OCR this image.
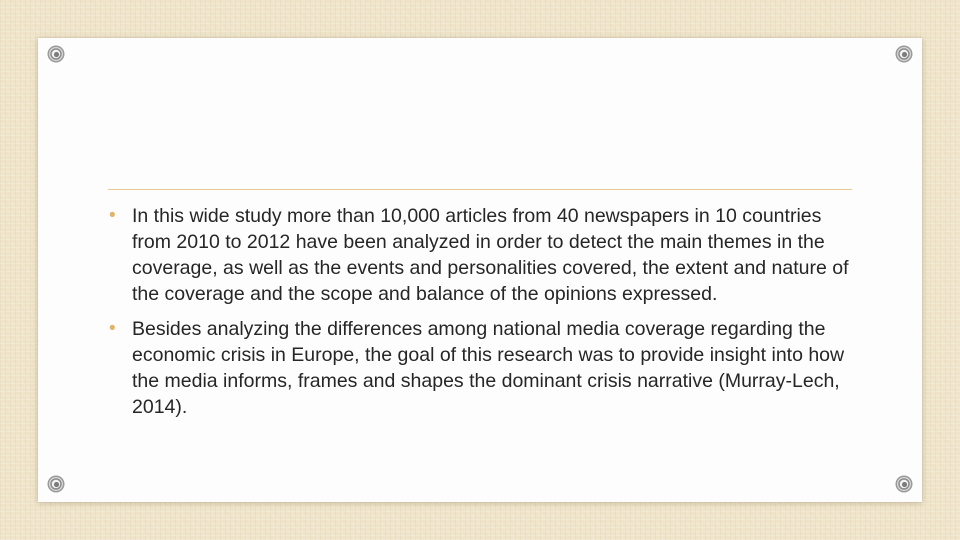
• In this wide study more than 10,000 articles from 40 newspapers in 10 countries from 2010 to 2012 have been analyzed in order to detect the main themes in the coverage, as well as the events and personalities covered, the extent and nature of the coverage and the scope and balance of the opinions expressed.
• Besides analyzing the differences among national media coverage regarding the economic crisis in Europe, the goal of this research was to provide insight into how the media informs, frames and shapes the dominant crisis narrative (Murray-Lech, 2014).
